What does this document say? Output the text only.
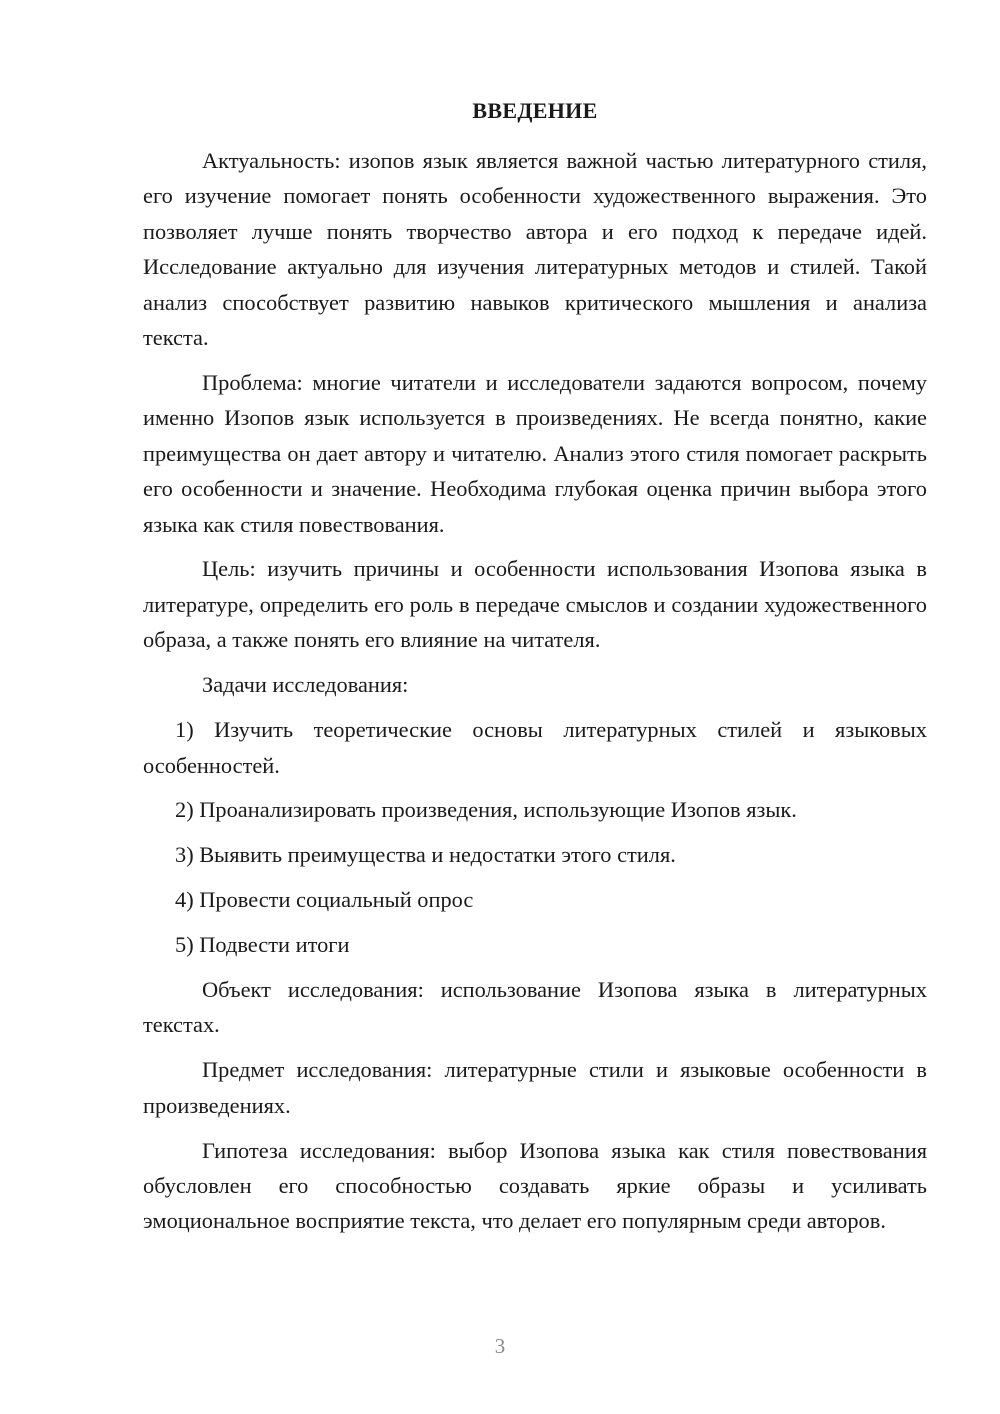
ВВЕДЕНИЕ

Актуальность: изопов язык является важной частью литературного стиля, его изучение помогает понять особенности художественного выражения. Это позволяет лучше понять творчество автора и его подход к передаче идей. Исследование актуально для изучения литературных методов и стилей. Такой анализ способствует развитию навыков критического мышления и анализа текста.

Проблема: многие читатели и исследователи задаются вопросом, почему именно Изопов язык используется в произведениях. Не всегда понятно, какие преимущества он дает автору и читателю. Анализ этого стиля помогает раскрыть его особенности и значение. Необходима глубокая оценка причин выбора этого языка как стиля повествования.

Цель: изучить причины и особенности использования Изопова языка в литературе, определить его роль в передаче смыслов и создании художественного образа, а также понять его влияние на читателя.

Задачи исследования:

1) Изучить теоретические основы литературных стилей и языковых особенностей.

2) Проанализировать произведения, использующие Изопов язык.

3) Выявить преимущества и недостатки этого стиля.

4) Провести социальный опрос

5) Подвести итоги

Объект исследования: использование Изопова языка в литературных текстах.

Предмет исследования: литературные стили и языковые особенности в произведениях.

Гипотеза исследования: выбор Изопова языка как стиля повествования обусловлен его способностью создавать яркие образы и усиливать эмоциональное восприятие текста, что делает его популярным среди авторов.

3
